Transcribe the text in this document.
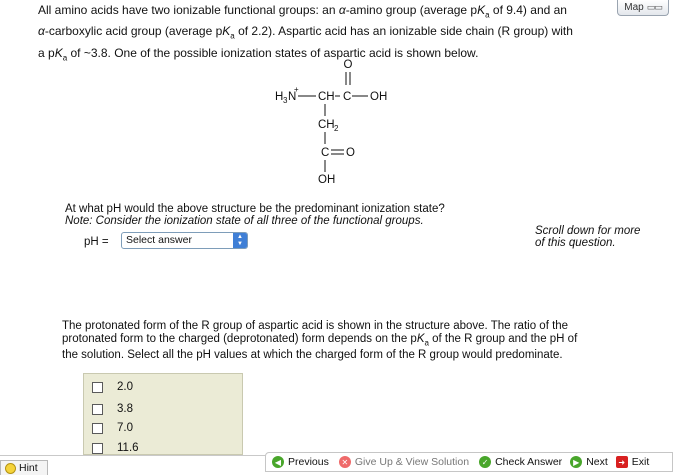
Map ▭▭
All amino acids have two ionizable functional groups: an α-amino group (average $pK_a$ of 9.4) and an
α-carboxylic acid group (average $pK_a$ of 2.2). Aspartic acid has an ionizable side chain (R group) with
a $pK_a$ of ~3.8. One of the possible ionization states of aspartic acid is shown below.
O
H 3 N
+
CH C OH
CH 2
C O
OH
At what pH would the above structure be the predominant ionization state?
Note: Consider the ionization state of all three of the functional groups.
Scroll down for more
of this question.
pH =	Select answer	▲
▼
The protonated form of the R group of aspartic acid is shown in the structure above. The ratio of the
protonated form to the charged (deprotonated) form depends on the $pK_a$ of the R group and the pH of
the solution. Select all the pH values at which the charged form of the R group would predominate.
2.0
3.8
7.0
11.6
Hint	◀ Previous	✕ Give Up & View Solution	✓ Check Answer	▶ Next	➜ Exit
